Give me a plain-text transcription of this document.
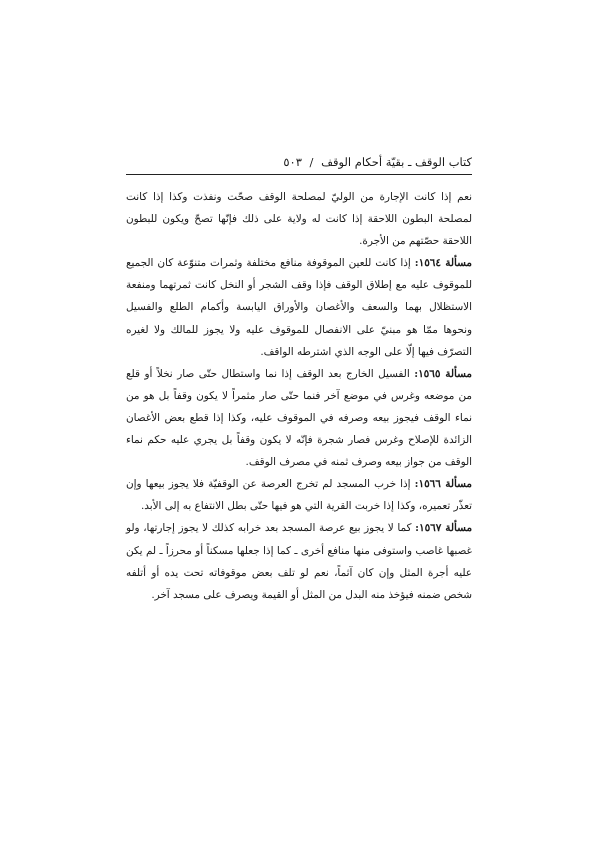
كتاب الوقف ـ بقيّة أحكام الوقف / ٥٠٣

نعم إذا كانت الإجارة من الوليّ لمصلحة الوقف صحّت ونفذت وكذا إذا كانت لمصلحة البطون اللاحقة إذا كانت له ولاية على ذلك فإنّها تصحّ ويكون للبطون اللاحقة حصّتهم من الأجرة.

مسألة ١٥٦٤: إذا كانت للعين الموقوفة منافع مختلفة وثمرات متنوّعة كان الجميع للموقوف عليه مع إطلاق الوقف فإذا وقف الشجر أو النخل كانت ثمرتهما ومنفعة الاستظلال بهما والسعف والأغصان والأوراق اليابسة وأكمام الطلع والفسيل ونحوها ممّا هو مبنيّ على الانفصال للموقوف عليه ولا يجوز للمالك ولا لغيره التصرّف فيها إلّا على الوجه الذي اشترطه الواقف.

مسألة ١٥٦٥: الفسيل الخارج بعد الوقف إذا نما واستطال حتّى صار نخلاً أو قلع من موضعه وغرس في موضع آخر فنما حتّى صار مثمراً لا يكون وقفاً بل هو من نماء الوقف فيجوز بيعه وصرفه في الموقوف عليه، وكذا إذا قطع بعض الأغصان الزائدة للإصلاح وغرس فصار شجرة فإنّه لا يكون وقفاً بل يجري عليه حكم نماء الوقف من جواز بيعه وصرف ثمنه في مصرف الوقف.

مسألة ١٥٦٦: إذا خرب المسجد لم تخرج العرصة عن الوقفيّة فلا يجوز بيعها وإن تعذّر تعميره، وكذا إذا خربت القرية التي هو فيها حتّى بطل الانتفاع به إلى الأبد.

مسألة ١٥٦٧: كما لا يجوز بيع عرصة المسجد بعد خرابه كذلك لا يجوز إجارتها، ولو غصبها غاصب واستوفى منها منافع أخرى ـ كما إذا جعلها مسكناً أو محرزاً ـ لم يكن عليه أجرة المثل وإن كان آثماً، نعم لو تلف بعض موقوفاته تحت يده أو أتلفه شخص ضمنه فيؤخذ منه البدل من المثل أو القيمة ويصرف على مسجد آخر.
